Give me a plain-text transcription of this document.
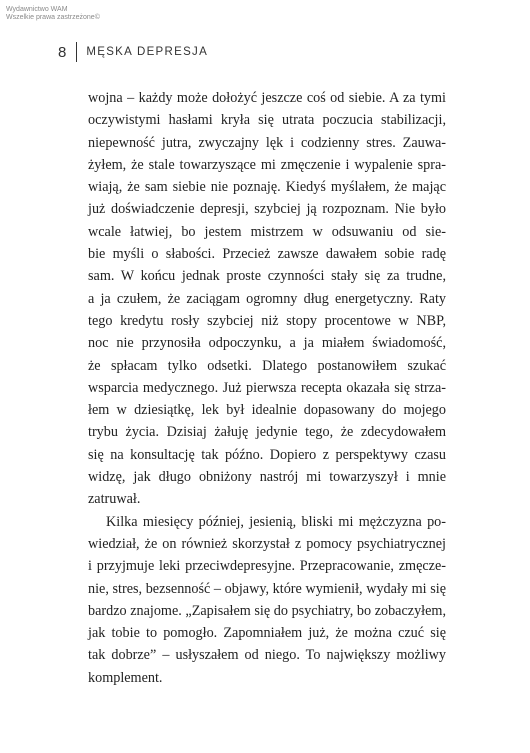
Wydawnictwo WAM
Wszelkie prawa zastrzeżone©
8 MĘSKA DEPRESJA
wojna – każdy może dołożyć jeszcze coś od siebie. A za tymi
oczywistymi hasłami kryła się utrata poczucia stabilizacji,
niepewność jutra, zwyczajny lęk i codzienny stres. Zauwa-
żyłem, że stale towarzyszące mi zmęczenie i wypalenie spra-
wiają, że sam siebie nie poznaję. Kiedyś myślałem, że mając
już doświadczenie depresji, szybciej ją rozpoznam. Nie było
wcale łatwiej, bo jestem mistrzem w odsuwaniu od sie-
bie myśli o słabości. Przecież zawsze dawałem sobie radę
sam. W końcu jednak proste czynności stały się za trudne,
a ja czułem, że zaciągam ogromny dług energetyczny. Raty
tego kredytu rosły szybciej niż stopy procentowe w NBP,
noc nie przynosiła odpoczynku, a ja miałem świadomość,
że spłacam tylko odsetki. Dlatego postanowiłem szukać
wsparcia medycznego. Już pierwsza recepta okazała się strza-
łem w dziesiątkę, lek był idealnie dopasowany do mojego
trybu życia. Dzisiaj żałuję jedynie tego, że zdecydowałem
się na konsultację tak późno. Dopiero z perspektywy czasu
widzę, jak długo obniżony nastrój mi towarzyszył i mnie
zatruwał.
Kilka miesięcy później, jesienią, bliski mi mężczyzna po-
wiedział, że on również skorzystał z pomocy psychiatrycznej
i przyjmuje leki przeciwdepresyjne. Przepracowanie, zmęcze-
nie, stres, bezsenność – objawy, które wymienił, wydały mi się
bardzo znajome. „Zapisałem się do psychiatry, bo zobaczyłem,
jak tobie to pomogło. Zapomniałem już, że można czuć się
tak dobrze” – usłyszałem od niego. To największy możliwy
komplement.
